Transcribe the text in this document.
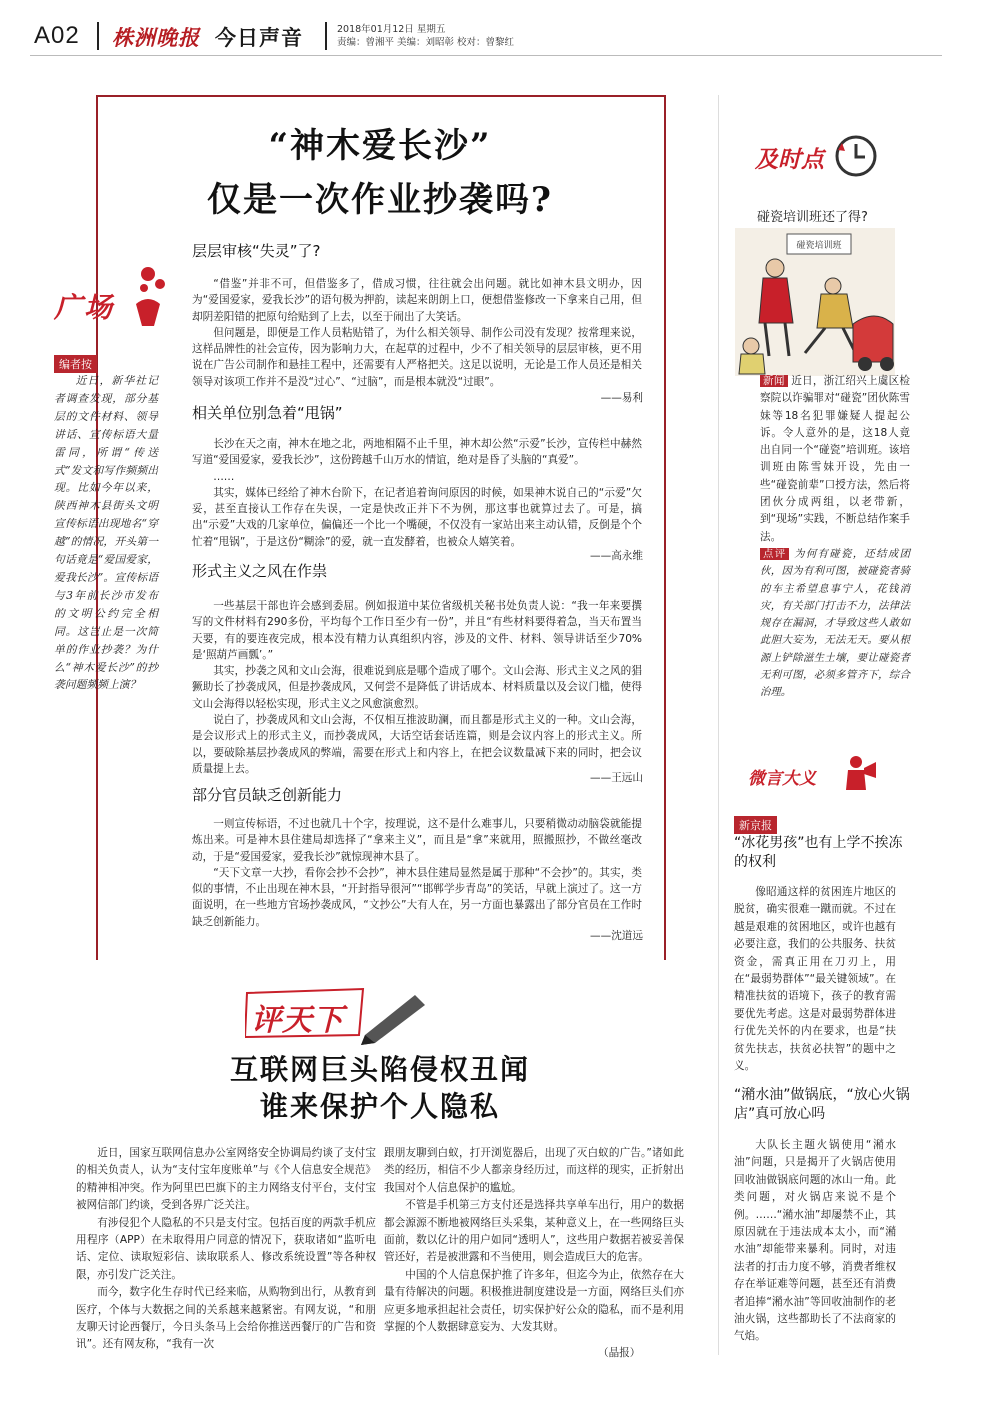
A02 株洲晚报 今日声音	2018年01月12日 星期五
责编：曾湘平 美编：刘昭彰 校对：曾黎红
“神木爱长沙”
仅是一次作业抄袭吗?
层层审核“失灵”了?

“借鉴”并非不可，但借鉴多了，借成习惯，往往就会出问题。就比如神木县文明办，因为“爱国爱家，爱我长沙”的语句极为押韵，读起来朗朗上口，便想借鉴修改一下拿来自己用，但却阴差阳错的把原句给贴到了上去，以至于闹出了大笑话。

但问题是，即便是工作人员粘贴错了，为什么相关领导、制作公司没有发现？按常理来说，这样品牌性的社会宣传，因为影响力大，在起草的过程中，少不了相关领导的层层审核，更不用说在广告公司制作和悬挂工程中，还需要有人严格把关。这足以说明，无论是工作人员还是相关领导对该项工作并不是没“过心”、“过脑”，而是根本就没“过眼”。

——易利
相关单位别急着“甩锅”

长沙在天之南，神木在地之北，两地相隔不止千里，神木却公然“示爱”长沙，宣传栏中赫然写道“爱国爱家，爱我长沙”，这份跨越千山万水的情谊，绝对是昏了头脑的“真爱”。

……

其实，媒体已经给了神木台阶下，在记者追着询问原因的时候，如果神木说自己的“示爱”欠妥，甚至直接认工作存在失误，一定是快改正并下不为例，那这事也就算过去了。可是，搞出“示爱”大戏的几家单位，偏偏还一个比一个嘴硬，不仅没有一家站出来主动认错，反倒是个个忙着“甩锅”，于是这份“糊涂”的爱，就一直发酵着，也被众人嬉笑着。

——高永维
形式主义之风在作祟

一些基层干部也许会感到委屈。例如报道中某位省级机关秘书处负责人说：“我一年来要撰写的文件材料有290多份，平均每个工作日至少有一份”，并且“有些材料要得着急，当天布置当天要，有的要连夜完成，根本没有精力认真组织内容，涉及的文件、材料、领导讲话至少70%是‘照葫芦画瓢’。”

其实，抄袭之风和文山会海，很难说到底是哪个造成了哪个。文山会海、形式主义之风的猖獗助长了抄袭成风，但是抄袭成风，又何尝不是降低了讲话成本、材料质量以及会议门槛，使得文山会海得以轻松实现，形式主义之风愈演愈烈。

说白了，抄袭成风和文山会海，不仅相互推波助澜，而且都是形式主义的一种。文山会海，是会议形式上的形式主义，而抄袭成风，大话空话套话连篇，则是会议内容上的形式主义。所以，要破除基层抄袭成风的弊端，需要在形式上和内容上，在把会议数量减下来的同时，把会议质量提上去。

——王远山
部分官员缺乏创新能力

一则宣传标语，不过也就几十个字，按理说，这不是什么难事儿，只要稍微动动脑袋就能提炼出来。可是神木县住建局却选择了“拿来主义”，而且是“拿”来就用，照搬照抄，不做丝毫改动，于是“爱国爱家，爱我长沙”就惊现神木县了。

“天下文章一大抄，看你会抄不会抄”，神木县住建局显然是属于那种“不会抄”的。其实，类似的事情，不止出现在神木县，“开封指导很河”“邯郸学步青岛”的笑话，早就上演过了。这一方面说明，在一些地方官场抄袭成风，“文抄公”大有人在，另一方面也暴露出了部分官员在工作时缺乏创新能力。

——沈道远
广场
编者按

近日，新华社记者调查发现，部分基层的文件材料、领导讲话、宣传标语大量雷同，所谓“传送式”发文和写作频频出现。比如今年以来，陕西神木县街头文明宣传标语出现地名“穿越”的情况，开头第一句话竟是“爱国爱家，爱我长沙”。宣传标语与3年前长沙市发布的文明公约完全相同。这岂止是一次简单的作业抄袭？为什么“神木爱长沙”的抄袭问题频频上演？

及时点
碰瓷培训班还了得?
碰瓷培训班
新闻 近日，浙江绍兴上虞区检察院以诈骗罪对“碰瓷”团伙陈雪妹等18名犯罪嫌疑人提起公诉。令人意外的是，这18人竟出自同一个“碰瓷”培训班。该培训班由陈雪妹开设，先由一些“碰瓷前辈”口授方法，然后将团伙分成两组，以老带新，到“现场”实践，不断总结作案手法。
点评 为何有碰瓷，还结成团伙，因为有利可图，被碰瓷者骑的车主希望息事宁人，花钱消灾，有关部门打击不力，法律法规存在漏洞，才导致这些人敢如此胆大妄为，无法无天。要从根源上铲除滋生土壤，要让碰瓷者无利可图，必须多管齐下，综合治理。
微言大义
新京报
“冰花男孩”也有上学不挨冻的权利

像昭通这样的贫困连片地区的脱贫，确实很难一蹴而就。不过在越是艰难的贫困地区，或许也越有必要注意，我们的公共服务、扶贫资金，需真正用在刀刃上，用在“最弱势群体”“最关键领域”。在精准扶贫的语境下，孩子的教育需要优先考虑。这是对最弱势群体进行优先关怀的内在要求，也是“扶贫先扶志，扶贫必扶智”的题中之义。

“潲水油”做锅底，“放心火锅店”真可放心吗

大队长主题火锅使用“潲水油”问题，只是揭开了火锅店使用回收油做锅底问题的冰山一角。此类问题，对火锅店来说不是个例。……“潲水油”却屡禁不止，其原因就在于违法成本太小，而“潲水油”却能带来暴利。同时，对违法者的打击力度不够，消费者维权存在举证难等问题，甚至还有消费者追捧“潲水油”等回收油制作的老油火锅，这些都助长了不法商家的气焰。

评天下
互联网巨头陷侵权丑闻
谁来保护个人隐私

近日，国家互联网信息办公室网络安全协调局约谈了支付宝的相关负责人，认为“支付宝年度账单”与《个人信息安全规范》的精神相冲突。作为阿里巴巴旗下的主力网络支付平台，支付宝被网信部门约谈，受到各界广泛关注。

有涉侵犯个人隐私的不只是支付宝。包括百度的两款手机应用程序（APP）在未取得用户同意的情况下，获取诸如“监听电话、定位、读取短彩信、读取联系人、修改系统设置”等各种权限，亦引发广泛关注。

而今，数字化生存时代已经来临，从购物到出行，从教育到医疗，个体与大数据之间的关系越来越紧密。有网友说，“和朋友聊天讨论西餐厅，今日头条马上会给你推送西餐厅的广告和资讯”。还有网友称，“我有一次

跟朋友聊到白蚁，打开浏览器后，出现了灭白蚁的广告。”诸如此类的经历，相信不少人都亲身经历过，而这样的现实，正折射出我国对个人信息保护的尴尬。

不管是手机第三方支付还是选择共享单车出行，用户的数据都会源源不断地被网络巨头采集，某种意义上，在一些网络巨头面前，数以亿计的用户如同“透明人”，这些用户数据若被妥善保管还好，若是被泄露和不当使用，则会造成巨大的危害。

中国的个人信息保护推了许多年，但迄今为止，依然存在大量有待解决的问题。积极推进制度建设是一方面，网络巨头们亦应更多地承担起社会责任，切实保护好公众的隐私，而不是利用掌握的个人数据肆意妄为、大发其财。

（晶报）
